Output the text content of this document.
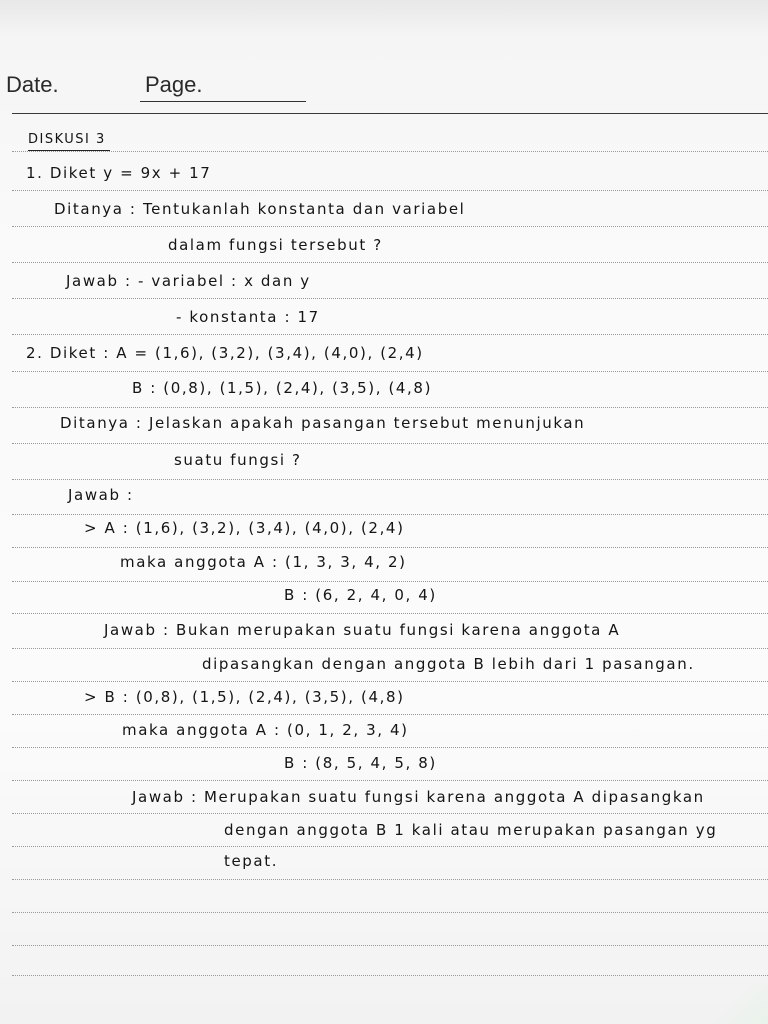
Date.	Page.
DISKUSI 3
1. Diket y = 9x + 17
Ditanya : Tentukanlah konstanta dan variabel
dalam fungsi tersebut ?
Jawab : - variabel : x dan y
- konstanta : 17
2. Diket : A = (1,6), (3,2), (3,4), (4,0), (2,4)
B : (0,8), (1,5), (2,4), (3,5), (4,8)
Ditanya : Jelaskan apakah pasangan tersebut menunjukan
suatu fungsi ?
Jawab :
> A : (1,6), (3,2), (3,4), (4,0), (2,4)
maka anggota A : (1, 3, 3, 4, 2)
B : (6, 2, 4, 0, 4)
Jawab : Bukan merupakan suatu fungsi karena anggota A
dipasangkan dengan anggota B lebih dari 1 pasangan.
> B : (0,8), (1,5), (2,4), (3,5), (4,8)
maka anggota A : (0, 1, 2, 3, 4)
B : (8, 5, 4, 5, 8)
Jawab : Merupakan suatu fungsi karena anggota A dipasangkan
dengan anggota B 1 kali atau merupakan pasangan yg
tepat.
